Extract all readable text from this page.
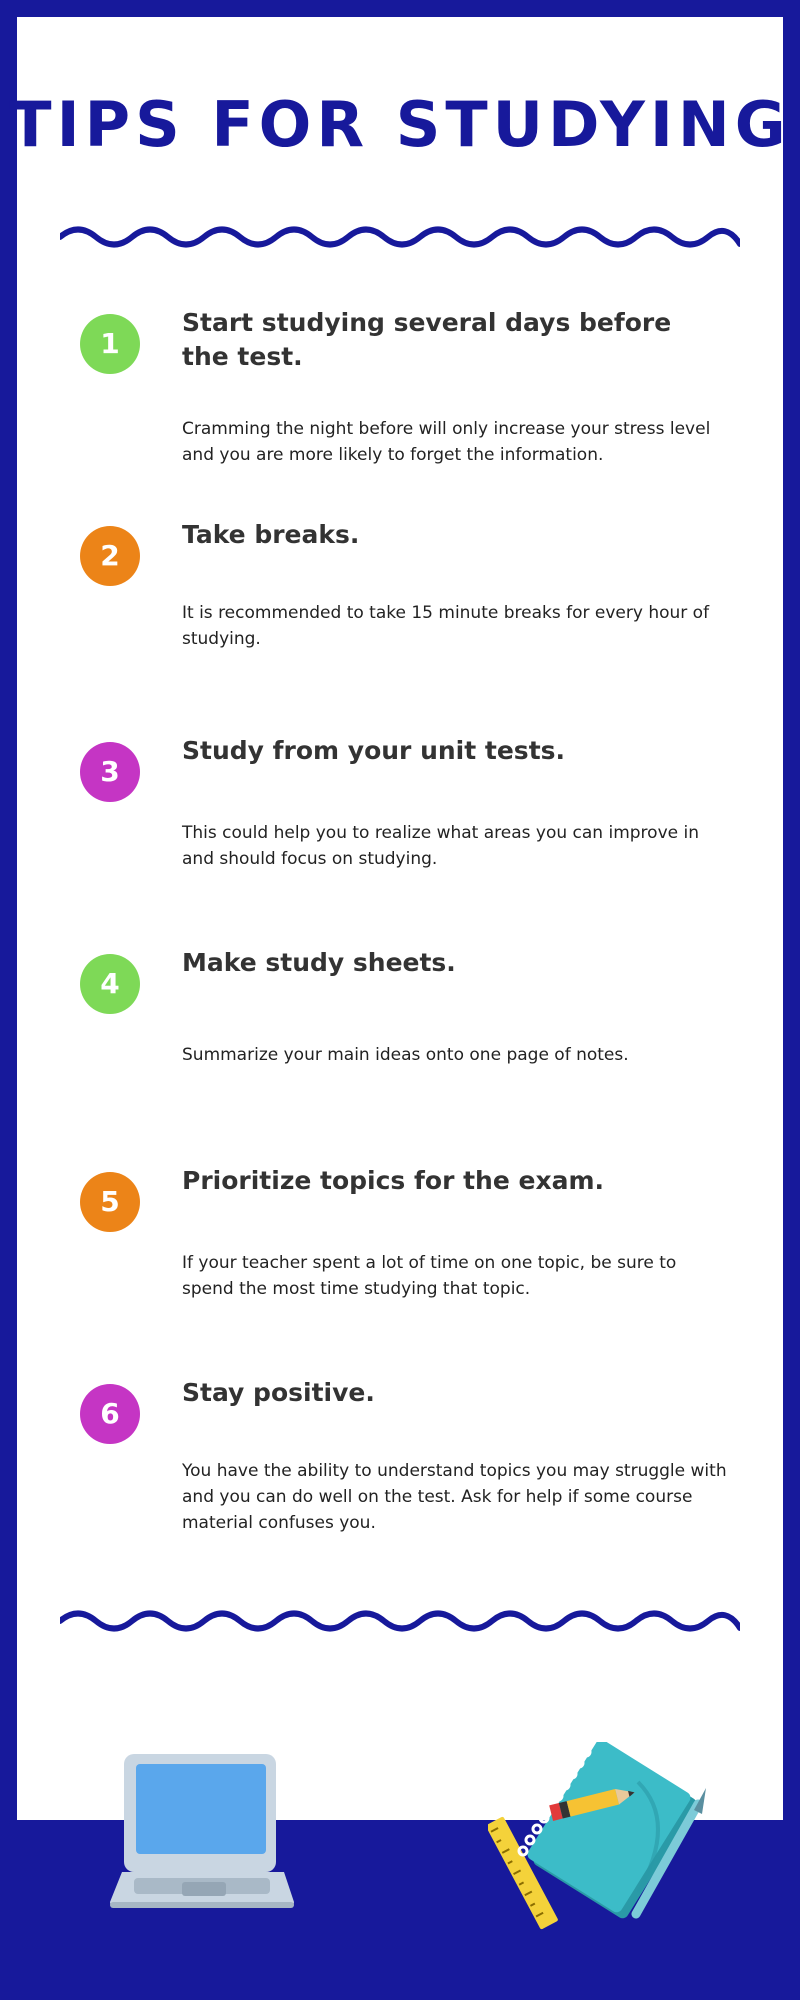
TIPS FOR STUDYING
1
Start studying several days before the test.

Cramming the night before will only increase your stress level and you are more likely to forget the information.

2
Take breaks.

It is recommended to take 15 minute breaks for every hour of studying.

3
Study from your unit tests.

This could help you to realize what areas you can improve in and should focus on studying.

4
Make study sheets.

Summarize your main ideas onto one page of notes.

5
Prioritize topics for the exam.

If your teacher spent a lot of time on one topic, be sure to spend the most time studying that topic.

6
Stay positive.

You have the ability to understand topics you may struggle with and you can do well on the test. Ask for help if some course material confuses you.
